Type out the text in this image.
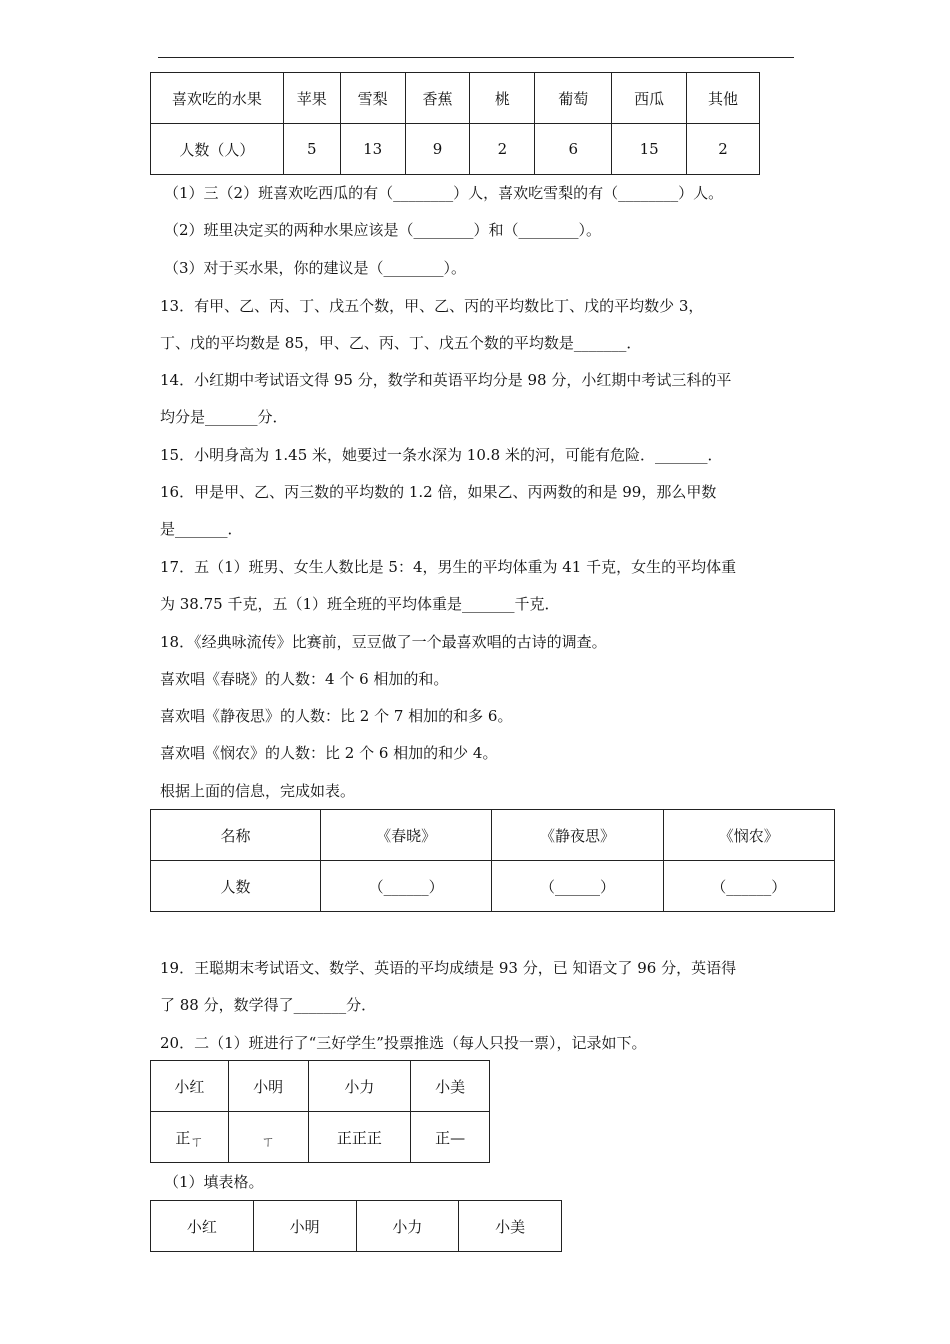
喜欢吃的水果	苹果	雪梨	香蕉	桃	葡萄	西瓜	其他
人数（人）	5	13	9	2	6	15	2
（1）三（2）班喜欢吃西瓜的有（________）人，喜欢吃雪梨的有（________）人。
（2）班里决定买的两种水果应该是（________）和（________）。
（3）对于买水果，你的建议是（________）。
13．有甲、乙、丙、丁、戊五个数，甲、乙、丙的平均数比丁、戊的平均数少 3，
丁、戊的平均数是 85，甲、乙、丙、丁、戊五个数的平均数是_______．
14．小红期中考试语文得 95 分，数学和英语平均分是 98 分，小红期中考试三科的平
均分是_______分．
15．小明身高为 1.45 米，她要过一条水深为 10.8 米的河，可能有危险．_______．
16．甲是甲、乙、丙三数的平均数的 1.2 倍，如果乙、丙两数的和是 99，那么甲数
是_______．
17．五（1）班男、女生人数比是 5：4，男生的平均体重为 41 千克，女生的平均体重
为 38.75 千克，五（1）班全班的平均体重是_______千克．
18．《经典咏流传》比赛前，豆豆做了一个最喜欢唱的古诗的调查。
喜欢唱《春晓》的人数：4 个 6 相加的和。
喜欢唱《静夜思》的人数：比 2 个 7 相加的和多 6。
喜欢唱《悯农》的人数：比 2 个 6 相加的和少 4。
根据上面的信息，完成如表。
名称	《春晓》	《静夜思》	《悯农》
人数	（______）	（______）	（______）
19．王聪期末考试语文、数学、英语的平均成绩是 93 分，已 知语文了 96 分，英语得
了 88 分，数学得了_______分．
20．二（1）班进行了“三好学生”投票推选（每人只投一票），记录如下。
小红	小明	小力	小美
正ㄒ	ㄒ	正正正	正—
（1）填表格。
小红	小明	小力	小美
